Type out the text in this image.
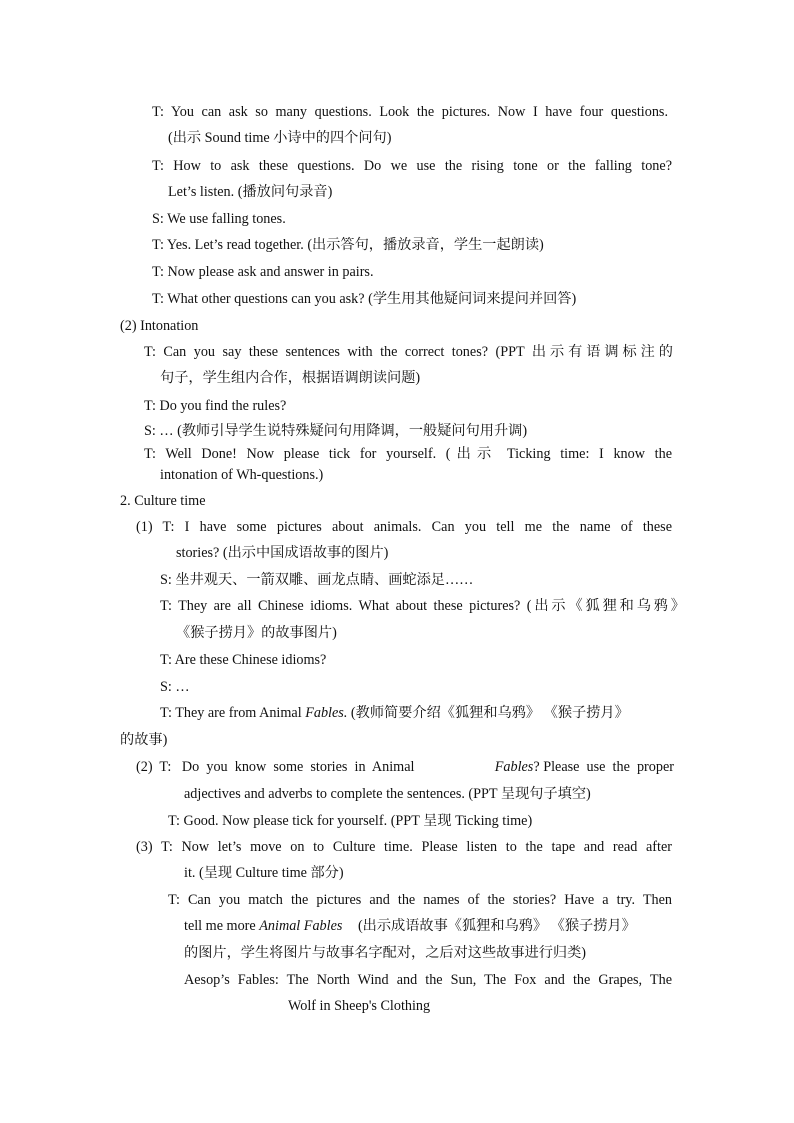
T: You can ask so many questions. Look the pictures. Now I have four questions.
(出示 Sound time 小诗中的四个问句)
T: How to ask these questions. Do we use the rising tone or the falling tone?
Let’s listen. (播放问句录音)
S: We use falling tones.
T: Yes. Let’s read together. (出示答句，播放录音，学生一起朗读)
T: Now please ask and answer in pairs.
T: What other questions can you ask? (学生用其他疑问词来提问并回答)
(2) Intonation
T: Can you say these sentences with the correct tones? (PPT 出示有语调标注的
句子，学生组内合作，根据语调朗读问题)
T: Do you find the rules?
S: … (教师引导学生说特殊疑问句用降调，一般疑问句用升调)
T: Well Done! Now please tick for yourself. (出示 Ticking time: I know the
intonation of Wh-questions.)
2. Culture time
(1) T: I have some pictures about animals. Can you tell me the name of these
stories? (出示中国成语故事的图片)
S: 坐井观天、一箭双雕、画龙点睛、画蛇添足……
T: They are all Chinese idioms. What about these pictures? (出示《狐狸和乌鸦》
《猴子捞月》的故事图片)
T: Are these Chinese idioms?
S: …
T: They are from Animal Fables. (教师简要介绍《狐狸和乌鸦》 《猴子捞月》
的故事)
(2)  T:   Do  you  know  some  stories  in  Animal	Fables? Please  use  the  proper
adjectives and adverbs to complete the sentences. (PPT 呈现句子填空)
T: Good. Now please tick for yourself. (PPT 呈现 Ticking time)
(3) T: Now let’s move on to Culture time. Please listen to the tape and read after
it. (呈现 Culture time 部分)
T: Can you match the pictures and the names of the stories? Have a try. Then
tell me more Animal Fables (出示成语故事《狐狸和乌鸦》 《猴子捞月》
的图片，学生将图片与故事名字配对，之后对这些故事进行归类)
Aesop’s Fables: The North Wind and the Sun, The Fox and the Grapes, The
Wolf in Sheep's Clothing
